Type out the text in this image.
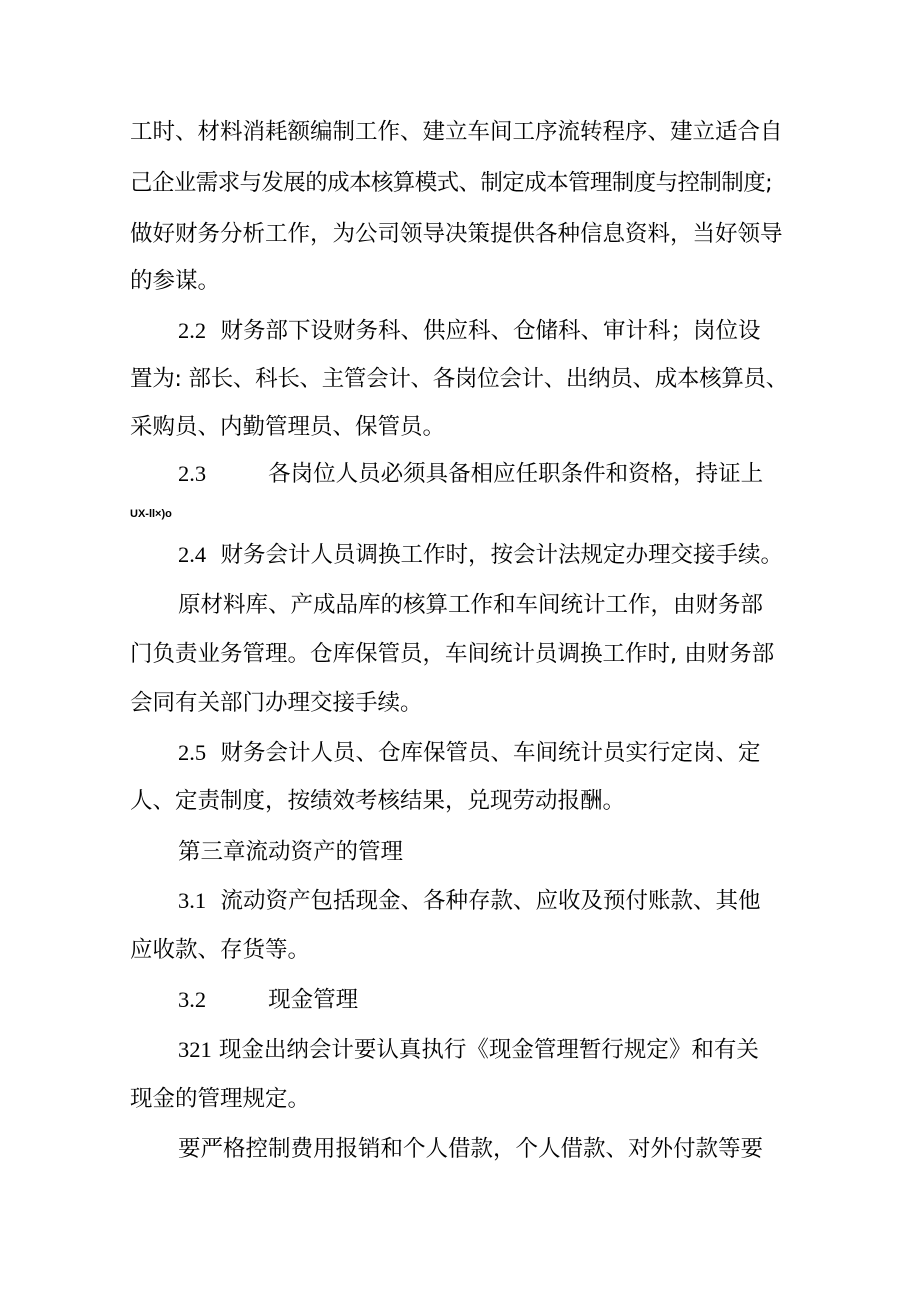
工时、材料消耗额编制工作、建立车间工序流转程序、建立适合自

己企业需求与发展的成本核算模式、制定成本管理制度与控制制度;

做好财务分析工作，为公司领导决策提供各种信息资料，当好领导

的参谋。

2.2 财务部下设财务科、供应科、仓储科、审计科；岗位设

置为: 部长、科长、主管会计、各岗位会计、出纳员、成本核算员、

采购员、内勤管理员、保管员。

2.3	各岗位人员必须具备相应任职条件和资格，持证上

UX-ll×)o

2.4 财务会计人员调换工作时，按会计法规定办理交接手续。

原材料库、产成品库的核算工作和车间统计工作，由财务部

门负责业务管理。仓库保管员，车间统计员调换工作时, 由财务部

会同有关部门办理交接手续。

2.5 财务会计人员、仓库保管员、车间统计员实行定岗、定

人、定责制度，按绩效考核结果，兑现劳动报酬。

第三章流动资产的管理

3.1 流动资产包括现金、各种存款、应收及预付账款、其他

应收款、存货等。

3.2	现金管理

321 现金出纳会计要认真执行《现金管理暂行规定》和有关

现金的管理规定。

要严格控制费用报销和个人借款，个人借款、对外付款等要
